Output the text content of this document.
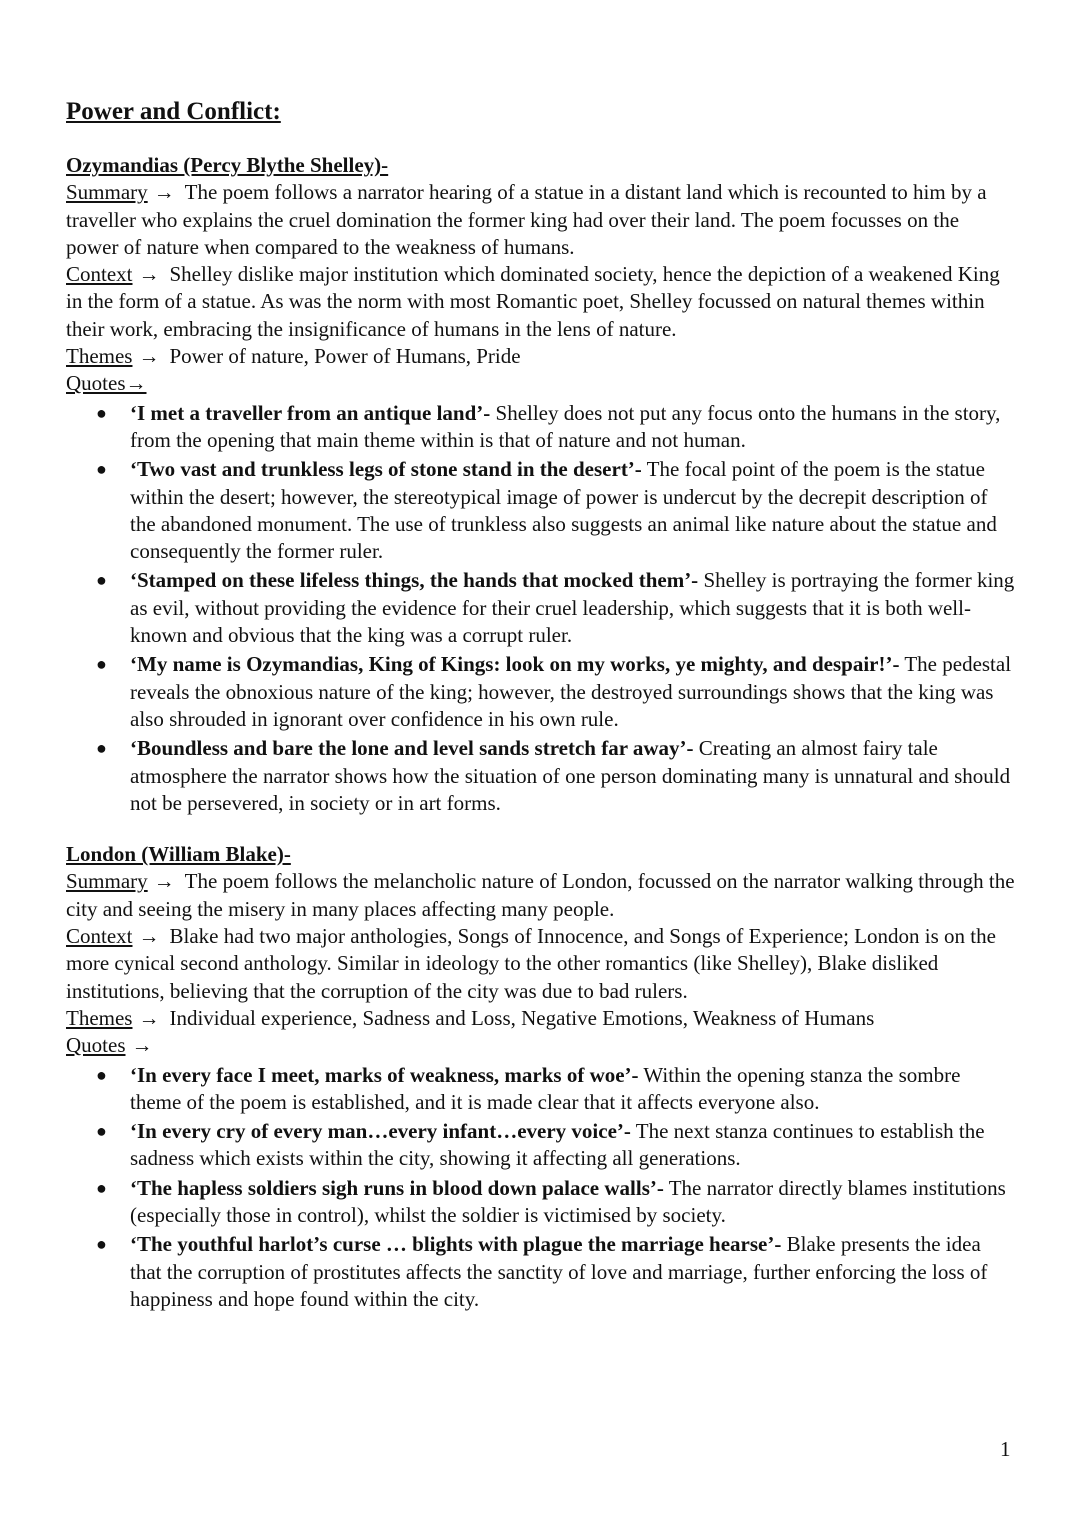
Power and Conflict:

Ozymandias (Percy Blythe Shelley)-

Summary → The poem follows a narrator hearing of a statue in a distant land which is recounted to him by a traveller who explains the cruel domination the former king had over their land. The poem focusses on the power of nature when compared to the weakness of humans.

Context → Shelley dislike major institution which dominated society, hence the depiction of a weakened King in the form of a statue. As was the norm with most Romantic poet, Shelley focussed on natural themes within their work, embracing the insignificance of humans in the lens of nature.

Themes → Power of nature, Power of Humans, Pride

Quotes→

● ‘I met a traveller from an antique land’- Shelley does not put any focus onto the humans in the story, from the opening that main theme within is that of nature and not human.
● ‘Two vast and trunkless legs of stone stand in the desert’- The focal point of the poem is the statue within the desert; however, the stereotypical image of power is undercut by the decrepit description of the abandoned monument. The use of trunkless also suggests an animal like nature about the statue and consequently the former ruler.
● ‘Stamped on these lifeless things, the hands that mocked them’- Shelley is portraying the former king as evil, without providing the evidence for their cruel leadership, which suggests that it is both well-known and obvious that the king was a corrupt ruler.
● ‘My name is Ozymandias, King of Kings: look on my works, ye mighty, and despair!’- The pedestal reveals the obnoxious nature of the king; however, the destroyed surroundings shows that the king was also shrouded in ignorant over confidence in his own rule.
● ‘Boundless and bare the lone and level sands stretch far away’- Creating an almost fairy tale atmosphere the narrator shows how the situation of one person dominating many is unnatural and should not be persevered, in society or in art forms.

London (William Blake)-

Summary → The poem follows the melancholic nature of London, focussed on the narrator walking through the city and seeing the misery in many places affecting many people.

Context → Blake had two major anthologies, Songs of Innocence, and Songs of Experience; London is on the more cynical second anthology. Similar in ideology to the other romantics (like Shelley), Blake disliked institutions, believing that the corruption of the city was due to bad rulers.

Themes → Individual experience, Sadness and Loss, Negative Emotions, Weakness of Humans

Quotes →

● ‘In every face I meet, marks of weakness, marks of woe’- Within the opening stanza the sombre theme of the poem is established, and it is made clear that it affects everyone also.
● ‘In every cry of every man…every infant…every voice’- The next stanza continues to establish the sadness which exists within the city, showing it affecting all generations.
● ‘The hapless soldiers sigh runs in blood down palace walls’- The narrator directly blames institutions (especially those in control), whilst the soldier is victimised by society.
● ‘The youthful harlot’s curse … blights with plague the marriage hearse’- Blake presents the idea that the corruption of prostitutes affects the sanctity of love and marriage, further enforcing the loss of happiness and hope found within the city.
1
